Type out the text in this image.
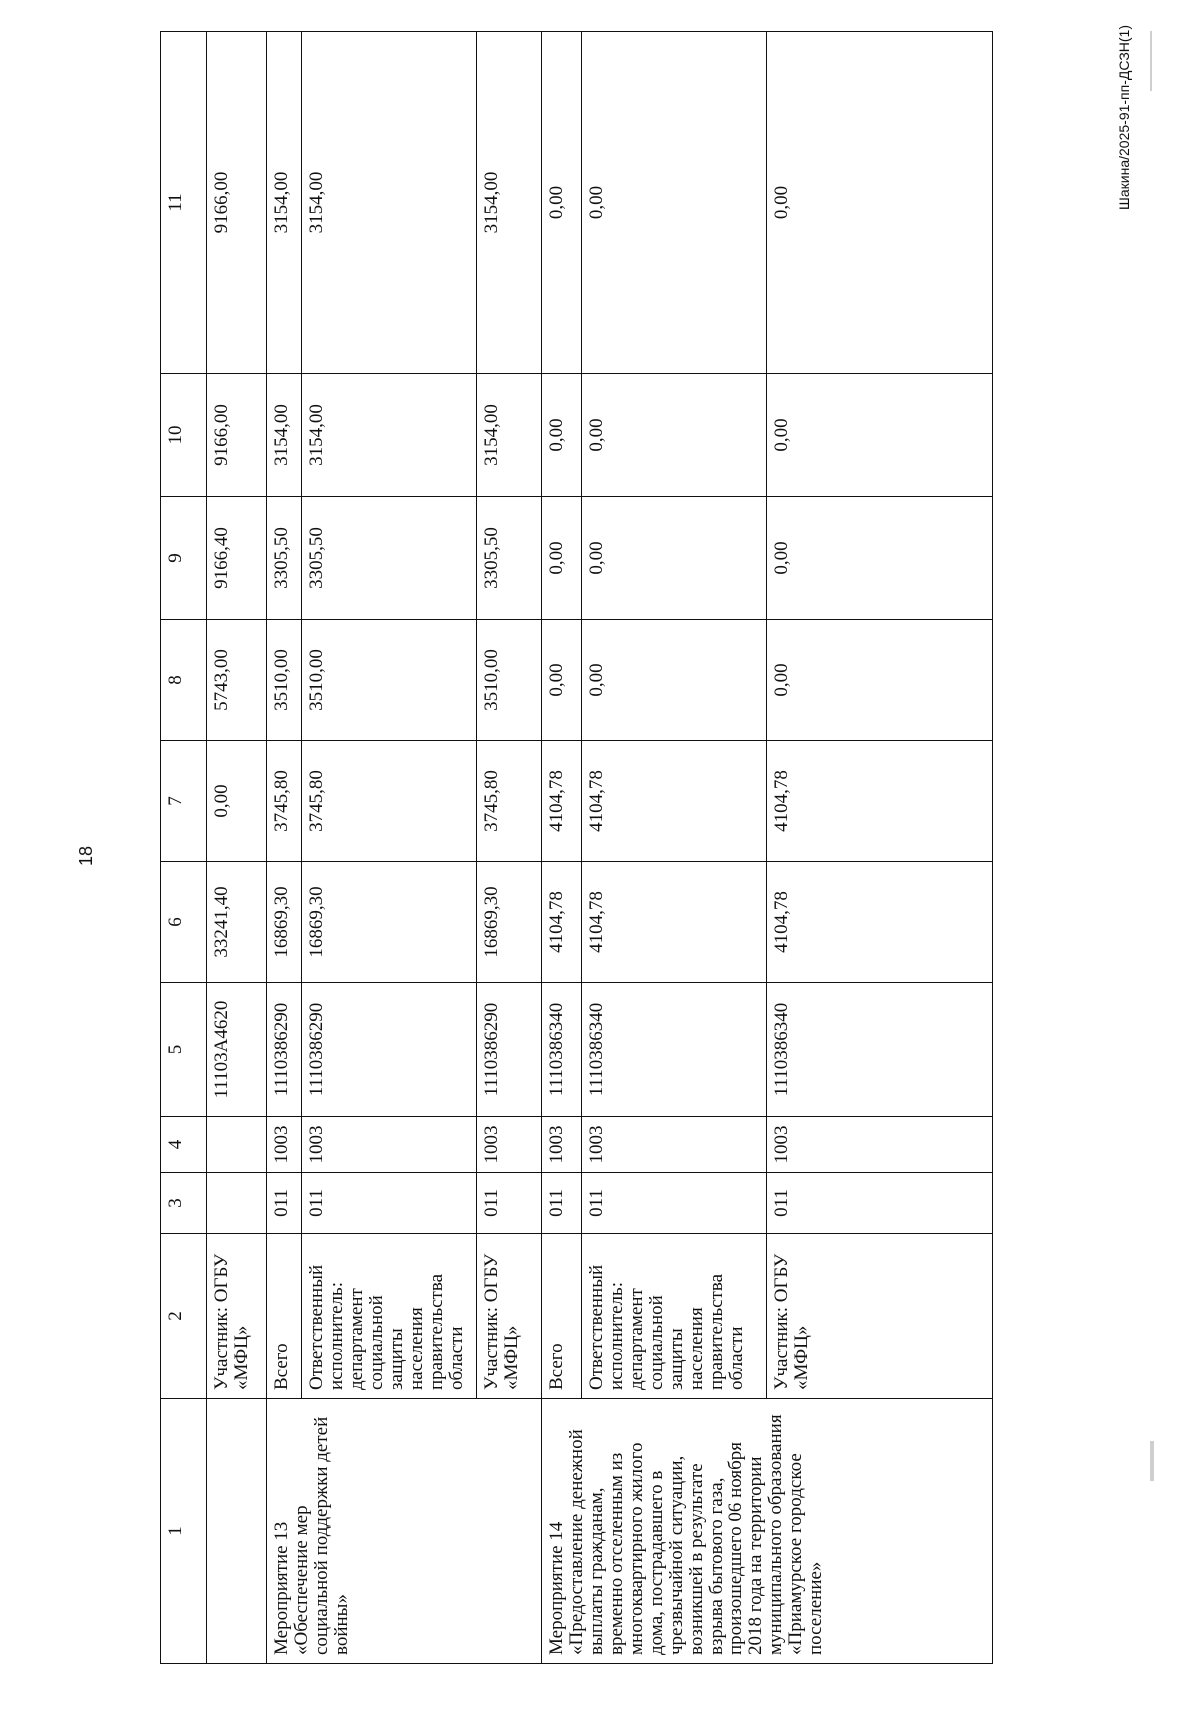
18
1	2	3	4	5	6	7	8	9	10	11
	Участник: ОГБУ «МФЦ»			11103А4620	33241,40	0,00	5743,00	9166,40	9166,00	9166,00
Мероприятие 13 «Обеспечение мер социальной поддержки детей войны»	Всего	011	1003	1110386290	16869,30	3745,80	3510,00	3305,50	3154,00	3154,00
	Ответственный исполнитель: департамент социальной защиты населения правительства области	011	1003	1110386290	16869,30	3745,80	3510,00	3305,50	3154,00	3154,00
	Участник: ОГБУ «МФЦ»	011	1003	1110386290	16869,30	3745,80	3510,00	3305,50	3154,00	3154,00
Мероприятие 14 «Предоставление денежной выплаты гражданам, временно отселенным из многоквартирного жилого дома, пострадавшего в чрезвычайной ситуации, возникшей в результате взрыва бытового газа, произошедшего 06 ноября 2018 года на территории муниципального образования «Приамурское городское поселение»	Всего	011	1003	1110386340	4104,78	4104,78	0,00	0,00	0,00	0,00
	Ответственный исполнитель: департамент социальной защиты населения правительства области	011	1003	1110386340	4104,78	4104,78	0,00	0,00	0,00	0,00
	Участник: ОГБУ «МФЦ»	011	1003	1110386340	4104,78	4104,78	0,00	0,00	0,00	0,00	Шакина/2025-91-пп-ДСЗН(1)
